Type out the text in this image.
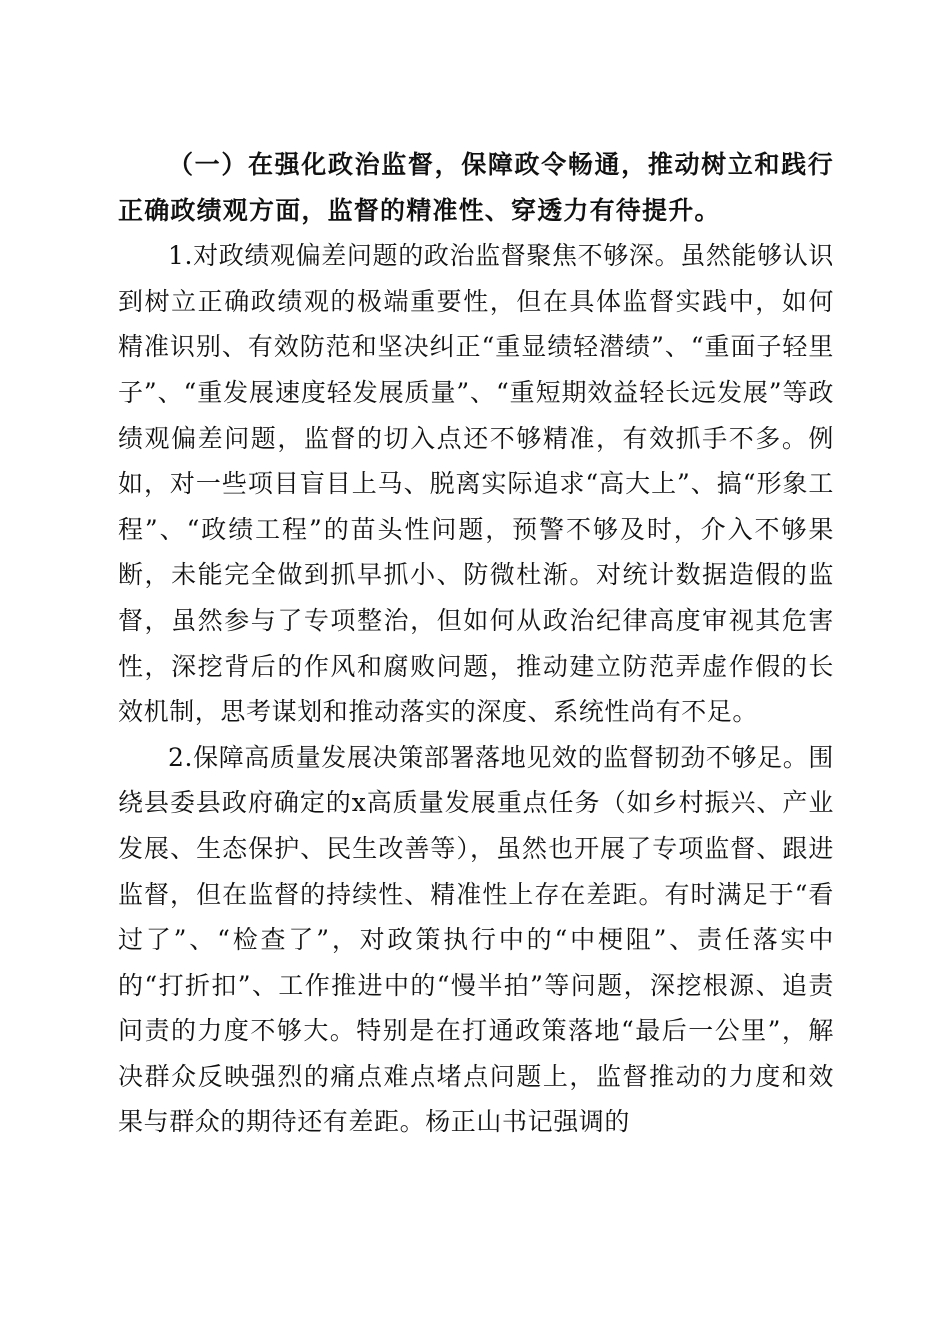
（一）在强化政治监督，保障政令畅通，推动树立和践行正确政绩观方面，监督的精准性、穿透力有待提升。

1.对政绩观偏差问题的政治监督聚焦不够深。虽然能够认识到树立正确政绩观的极端重要性，但在具体监督实践中，如何精准识别、有效防范和坚决纠正“重显绩轻潜绩”、“重面子轻里子”、“重发展速度轻发展质量”、“重短期效益轻长远发展”等政绩观偏差问题，监督的切入点还不够精准，有效抓手不多。例如，对一些项目盲目上马、脱离实际追求“高大上”、搞“形象工程”、“政绩工程”的苗头性问题，预警不够及时，介入不够果断，未能完全做到抓早抓小、防微杜渐。对统计数据造假的监督，虽然参与了专项整治，但如何从政治纪律高度审视其危害性，深挖背后的作风和腐败问题，推动建立防范弄虚作假的长效机制，思考谋划和推动落实的深度、系统性尚有不足。

2.保障高质量发展决策部署落地见效的监督韧劲不够足。围绕县委县政府确定的x高质量发展重点任务（如乡村振兴、产业发展、生态保护、民生改善等），虽然也开展了专项监督、跟进监督，但在监督的持续性、精准性上存在差距。有时满足于“看过了”、“检查了”，对政策执行中的“中梗阻”、责任落实中的“打折扣”、工作推进中的“慢半拍”等问题，深挖根源、追责问责的力度不够大。特别是在打通政策落地“最后一公里”，解决群众反映强烈的痛点难点堵点问题上，监督推动的力度和效果与群众的期待还有差距。杨正山书记强调的
